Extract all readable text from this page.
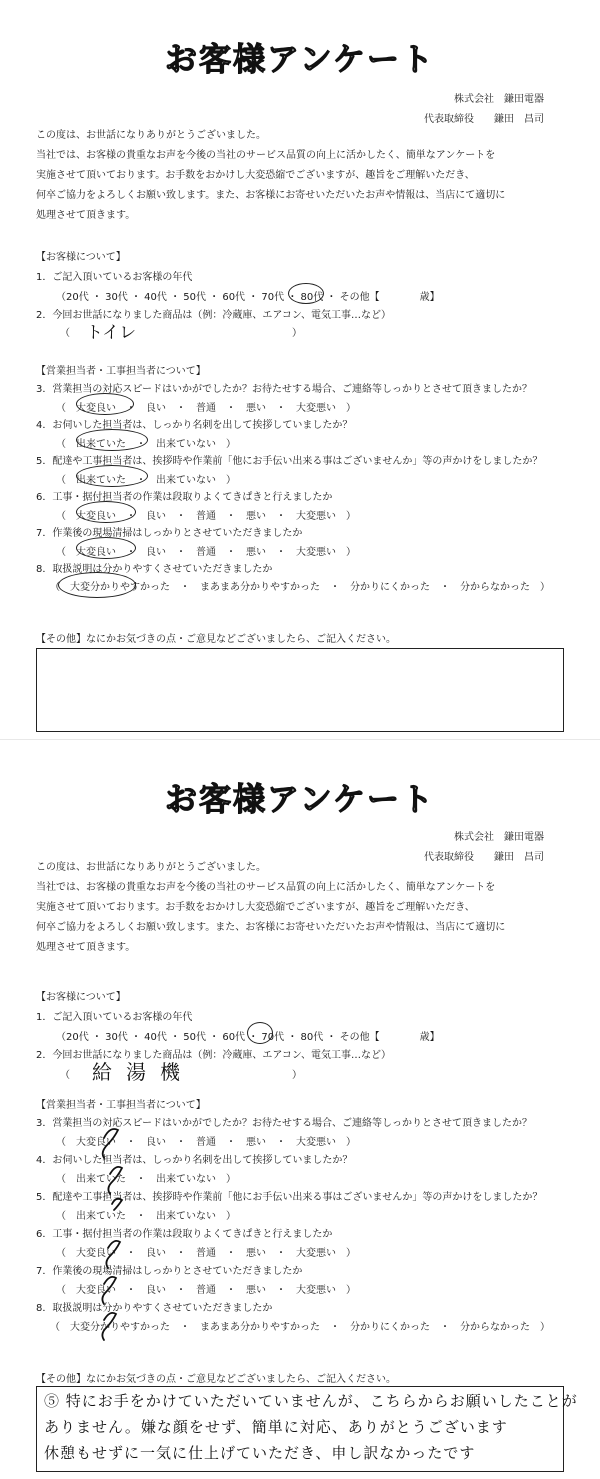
お客様アンケート
株式会社　鎌田電器
代表取締役　　鎌田　昌司
この度は、お世話になりありがとうございました。
当社では、お客様の貴重なお声を今後の当社のサービス品質の向上に活かしたく、簡単なアンケートを
実施させて頂いております。お手数をおかけし大変恐縮でございますが、趣旨をご理解いただき、
何卒ご協力をよろしくお願い致します。また、お客様にお寄せいただいたお声や情報は、当店にて適切に
処理させて頂きます。
【お客様について】
1．ご記入頂いているお客様の年代
（20代 ・ 30代 ・ 40代 ・ 50代 ・ 60代 ・ 70代 ・ 80代 ・ その他【　　　　歳】
2．今回お世話になりました商品は（例：冷蔵庫、エアコン、電気工事…など）
（ トイレ	）
【営業担当者・工事担当者について】
3．営業担当の対応スピードはいかがでしたか？お待たせする場合、ご連絡等しっかりとさせて頂きましたか？
（　大変良い　・　良い　・　普通　・　悪い　・　大変悪い　）
4．お伺いした担当者は、しっかり名刺を出して挨拶していましたか？
（　出来ていた　・　出来ていない　）
5．配達や工事担当者は、挨拶時や作業前「他にお手伝い出来る事はございませんか」等の声かけをしましたか？
（　出来ていた　・　出来ていない　）
6．工事・据付担当者の作業は段取りよくてきぱきと行えましたか
（　大変良い　・　良い　・　普通　・　悪い　・　大変悪い　）
7．作業後の現場清掃はしっかりとさせていただきましたか
（　大変良い　・　良い　・　普通　・　悪い　・　大変悪い　）
8．取扱説明は分かりやすくさせていただきましたか
（　大変分かりやすかった　・　まあまあ分かりやすかった　・　分かりにくかった　・　分からなかった　）
【その他】なにかお気づきの点・ご意見などございましたら、ご記入ください。
お客様アンケート
株式会社　鎌田電器
代表取締役　　鎌田　昌司
この度は、お世話になりありがとうございました。
当社では、お客様の貴重なお声を今後の当社のサービス品質の向上に活かしたく、簡単なアンケートを
実施させて頂いております。お手数をおかけし大変恐縮でございますが、趣旨をご理解いただき、
何卒ご協力をよろしくお願い致します。また、お客様にお寄せいただいたお声や情報は、当店にて適切に
処理させて頂きます。
【お客様について】
1．ご記入頂いているお客様の年代
（20代 ・ 30代 ・ 40代 ・ 50代 ・ 60代 ・ 70代 ・ 80代 ・ その他【　　　　歳】
2．今回お世話になりました商品は（例：冷蔵庫、エアコン、電気工事…など）
（ 給湯機	）
【営業担当者・工事担当者について】
3．営業担当の対応スピードはいかがでしたか？お待たせする場合、ご連絡等しっかりとさせて頂きましたか？
（　大変良い　・　良い　・　普通　・　悪い　・　大変悪い　）
4．お伺いした担当者は、しっかり名刺を出して挨拶していましたか？
（　出来ていた　・　出来ていない　）
5．配達や工事担当者は、挨拶時や作業前「他にお手伝い出来る事はございませんか」等の声かけをしましたか？
（　出来ていた　・　出来ていない　）
6．工事・据付担当者の作業は段取りよくてきぱきと行えましたか
（　大変良い　・　良い　・　普通　・　悪い　・　大変悪い　）
7．作業後の現場清掃はしっかりとさせていただきましたか
（　大変良い　・　良い　・　普通　・　悪い　・　大変悪い　）
8．取扱説明は分かりやすくさせていただきましたか
（　大変分かりやすかった　・　まあまあ分かりやすかった　・　分かりにくかった　・　分からなかった　）
【その他】なにかお気づきの点・ご意見などございましたら、ご記入ください。
⑤ 特にお手をかけていただいていませんが、こちらからお願いしたことが
ありません。嫌な顔をせず、簡単に対応、ありがとうございます
休憩もせずに一気に仕上げていただき、申し訳なかったです
